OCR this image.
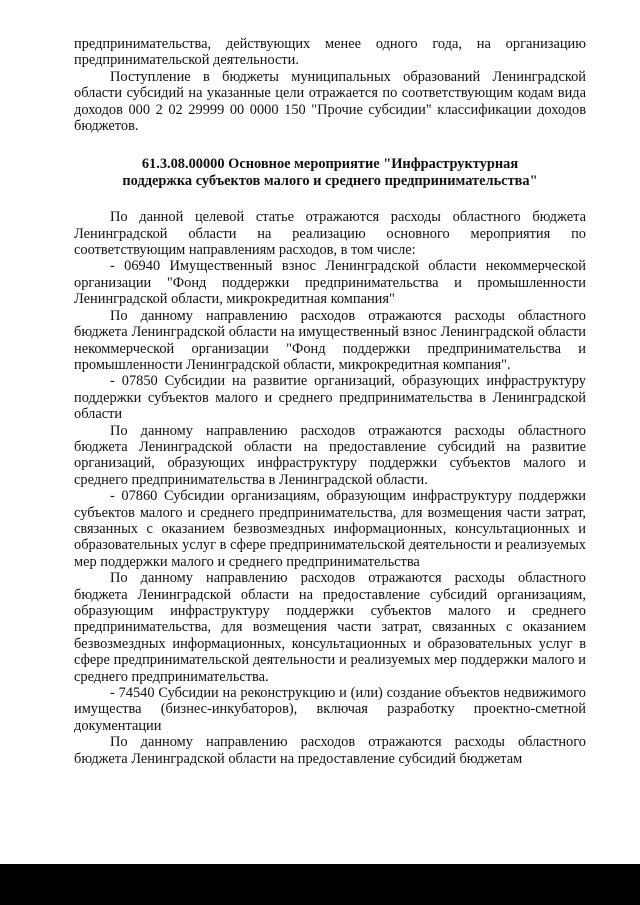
предпринимательства, действующих менее одного года, на организацию предпринимательской деятельности.

Поступление в бюджеты муниципальных образований Ленинградской области субсидий на указанные цели отражается по соответствующим кодам вида доходов 000 2 02 29999 00 0000 150 "Прочие субсидии" классификации доходов бюджетов.

61.3.08.00000 Основное мероприятие "Инфраструктурная
поддержка субъектов малого и среднего предпринимательства"

По данной целевой статье отражаются расходы областного бюджета Ленинградской области на реализацию основного мероприятия по соответствующим направлениям расходов, в том числе:

- 06940 Имущественный взнос Ленинградской области некоммерческой организации "Фонд поддержки предпринимательства и промышленности Ленинградской области, микрокредитная компания"

По данному направлению расходов отражаются расходы областного бюджета Ленинградской области на имущественный взнос Ленинградской области некоммерческой организации "Фонд поддержки предпринимательства и промышленности Ленинградской области, микрокредитная компания".

- 07850 Субсидии на развитие организаций, образующих инфраструктуру поддержки субъектов малого и среднего предпринимательства в Ленинградской области

По данному направлению расходов отражаются расходы областного бюджета Ленинградской области на предоставление субсидий на развитие организаций, образующих инфраструктуру поддержки субъектов малого и среднего предпринимательства в Ленинградской области.

- 07860 Субсидии организациям, образующим инфраструктуру поддержки субъектов малого и среднего предпринимательства, для возмещения части затрат, связанных с оказанием безвозмездных информационных, консультационных и образовательных услуг в сфере предпринимательской деятельности и реализуемых мер поддержки малого и среднего предпринимательства

По данному направлению расходов отражаются расходы областного бюджета Ленинградской области на предоставление субсидий организациям, образующим инфраструктуру поддержки субъектов малого и среднего предпринимательства, для возмещения части затрат, связанных с оказанием безвозмездных информационных, консультационных и образовательных услуг в сфере предпринимательской деятельности и реализуемых мер поддержки малого и среднего предпринимательства.

- 74540 Субсидии на реконструкцию и (или) создание объектов недвижимого имущества (бизнес-инкубаторов), включая разработку проектно-сметной документации

По данному направлению расходов отражаются расходы областного бюджета Ленинградской области на предоставление субсидий бюджетам
